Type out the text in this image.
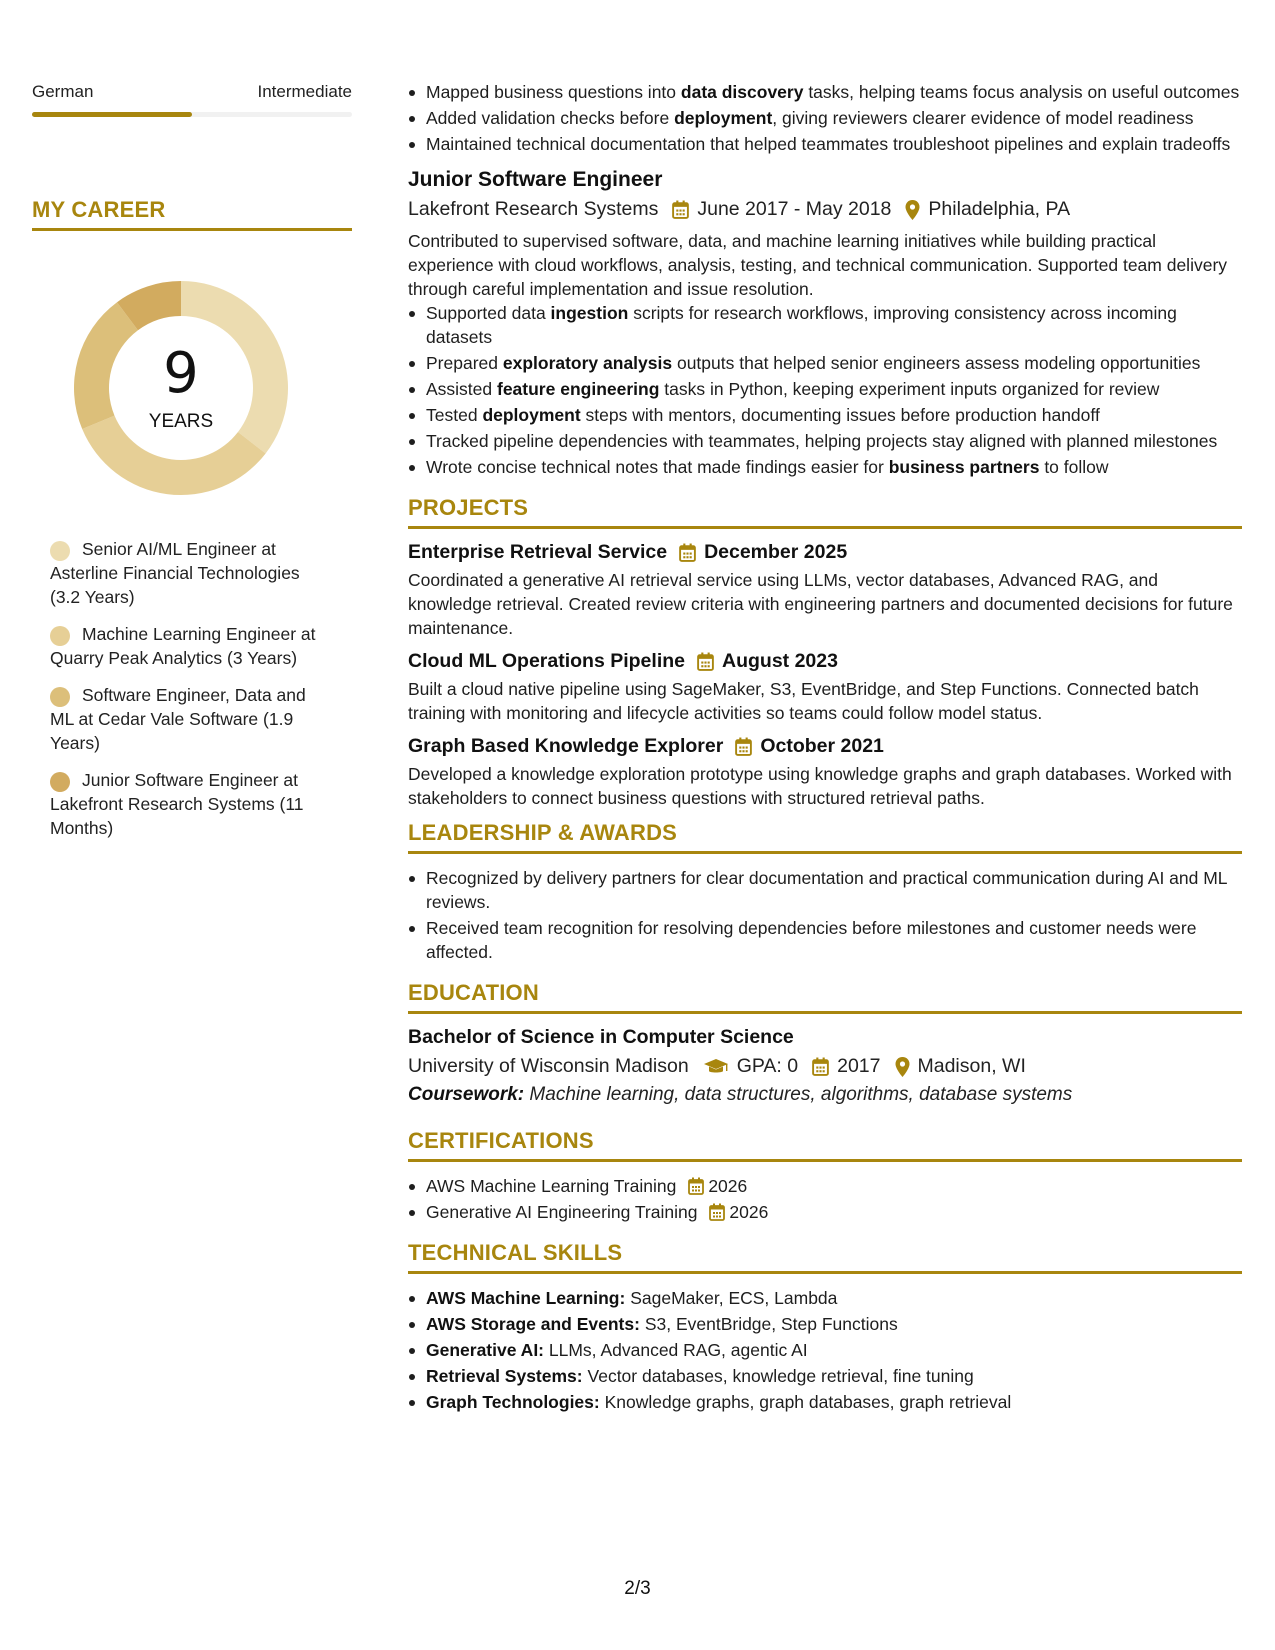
German	Intermediate
MY CAREER
9
YEARS
Senior AI/ML Engineer at Asterline Financial Technologies (3.2 Years)
Machine Learning Engineer at Quarry Peak Analytics (3 Years)
Software Engineer, Data and ML at Cedar Vale Software (1.9 Years)
Junior Software Engineer at Lakefront Research Systems (11 Months)
Mapped business questions into data discovery tasks, helping teams focus analysis on useful outcomes
Added validation checks before deployment, giving reviewers clearer evidence of model readiness
Maintained technical documentation that helped teammates troubleshoot pipelines and explain tradeoffs
Junior Software Engineer
Lakefront Research Systems June 2017 - May 2018 Philadelphia, PA
Contributed to supervised software, data, and machine learning initiatives while building practical experience with cloud workflows, analysis, testing, and technical communication. Supported team delivery through careful implementation and issue resolution.
Supported data ingestion scripts for research workflows, improving consistency across incoming datasets
Prepared exploratory analysis outputs that helped senior engineers assess modeling opportunities
Assisted feature engineering tasks in Python, keeping experiment inputs organized for review
Tested deployment steps with mentors, documenting issues before production handoff
Tracked pipeline dependencies with teammates, helping projects stay aligned with planned milestones
Wrote concise technical notes that made findings easier for business partners to follow
PROJECTS
Enterprise Retrieval Service December 2025
Coordinated a generative AI retrieval service using LLMs, vector databases, Advanced RAG, and knowledge retrieval. Created review criteria with engineering partners and documented decisions for future maintenance.
Cloud ML Operations Pipeline August 2023
Built a cloud native pipeline using SageMaker, S3, EventBridge, and Step Functions. Connected batch training with monitoring and lifecycle activities so teams could follow model status.
Graph Based Knowledge Explorer October 2021
Developed a knowledge exploration prototype using knowledge graphs and graph databases. Worked with stakeholders to connect business questions with structured retrieval paths.
LEADERSHIP & AWARDS
Recognized by delivery partners for clear documentation and practical communication during AI and ML reviews.
Received team recognition for resolving dependencies before milestones and customer needs were affected.
EDUCATION
Bachelor of Science in Computer Science
University of Wisconsin Madison GPA: 0 2017 Madison, WI
Coursework: Machine learning, data structures, algorithms, database systems
CERTIFICATIONS
AWS Machine Learning Training 2026
Generative AI Engineering Training 2026
TECHNICAL SKILLS
AWS Machine Learning: SageMaker, ECS, Lambda
AWS Storage and Events: S3, EventBridge, Step Functions
Generative AI: LLMs, Advanced RAG, agentic AI
Retrieval Systems: Vector databases, knowledge retrieval, fine tuning
Graph Technologies: Knowledge graphs, graph databases, graph retrieval
2/3
